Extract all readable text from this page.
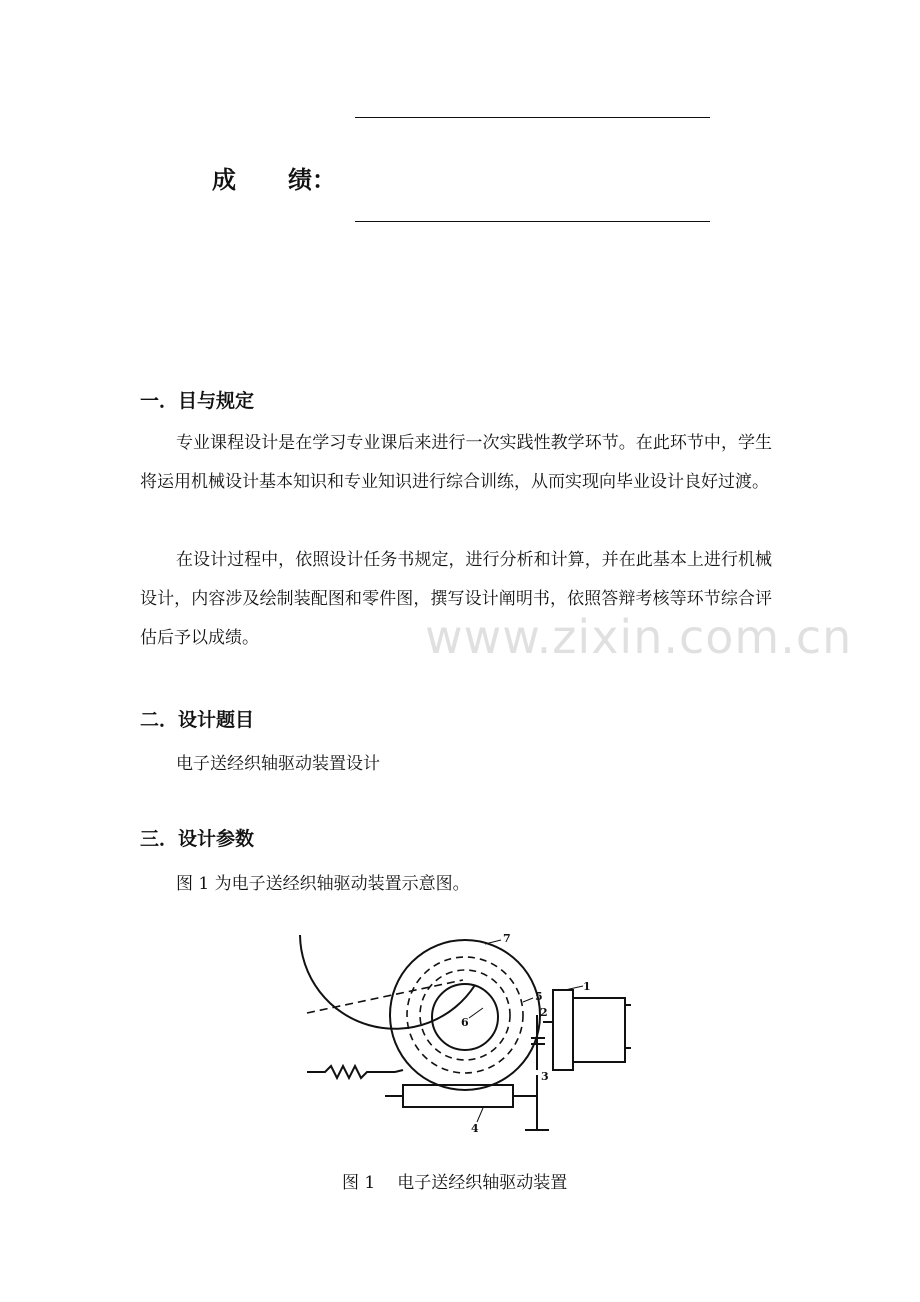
成 绩：
一．目与规定
专业课程设计是在学习专业课后来进行一次实践性教学环节。在此环节中，学生将运用机械设计基本知识和专业知识进行综合训练，从而实现向毕业设计良好过渡。
在设计过程中，依照设计任务书规定，进行分析和计算，并在此基本上进行机械设计，内容涉及绘制装配图和零件图，撰写设计阐明书，依照答辩考核等环节综合评估后予以成绩。	www.zixin.com.cn
二．设计题目
电子送经织轴驱动装置设计
三．设计参数
图 1 为电子送经织轴驱动装置示意图。
1
2
3
4
5
6
7
图 1 电子送经织轴驱动装置
